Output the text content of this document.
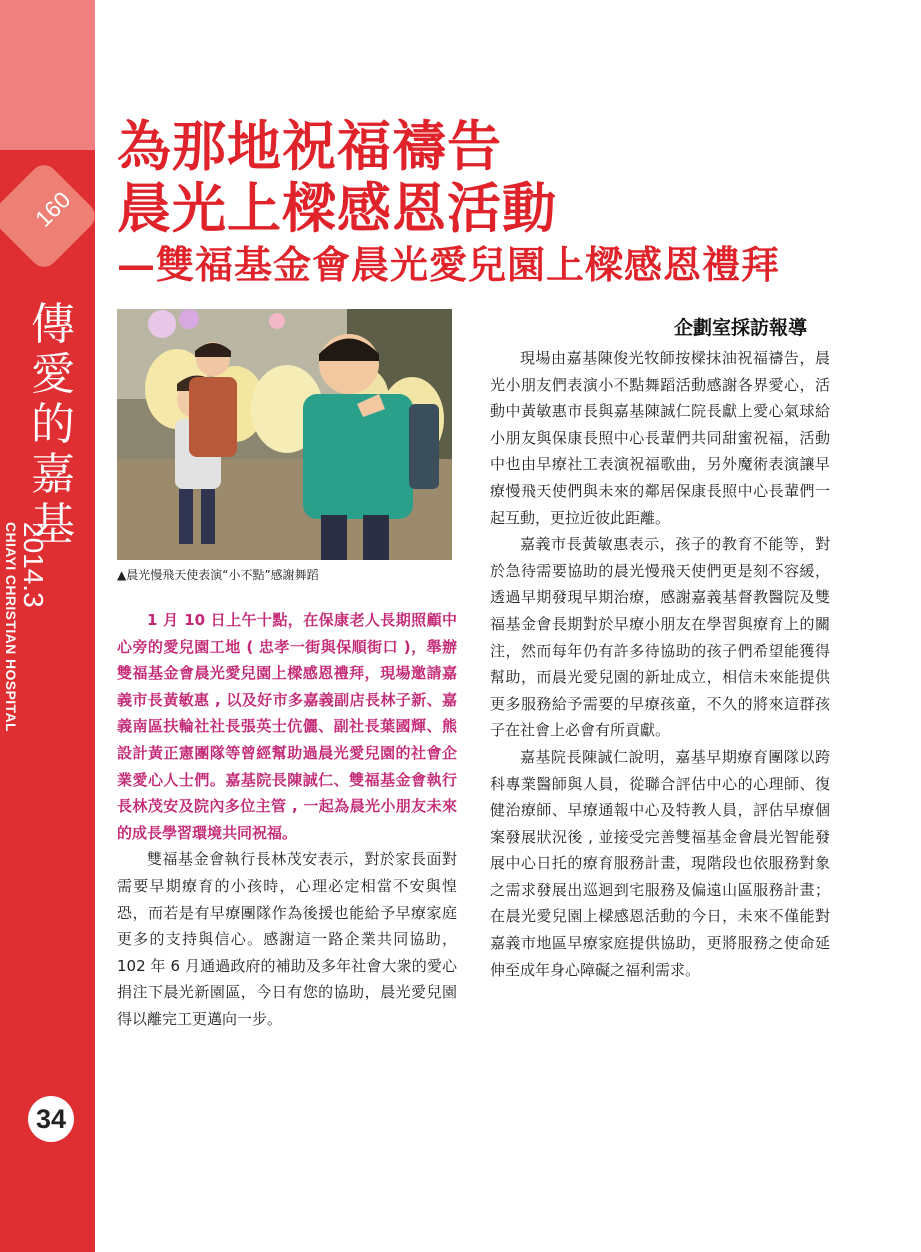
160
傳
愛
的
嘉
基
2014.3
CHIAYI CHRISTIAN HOSPITAL
34
為那地祝福禱告
晨光上樑感恩活動
—雙福基金會晨光愛兒園上樑感恩禮拜
▲晨光慢飛天使表演“小不點”感謝舞蹈
企劃室採訪報導

1 月 10 日上午十點，在保康老人長期照顧中心旁的愛兒園工地 ( 忠孝一街與保順街口 )，舉辦雙福基金會晨光愛兒園上樑感恩禮拜，現場邀請嘉義市長黃敏惠 , 以及好市多嘉義副店長林子新、嘉義南區扶輪社社長張英士伉儷、副社長葉國輝、熊設計黃正憲團隊等曾經幫助過晨光愛兒園的社會企業愛心人士們。嘉基院長陳誠仁、雙福基金會執行長林茂安及院內多位主管 , 一起為晨光小朋友未來的成長學習環境共同祝福。

雙福基金會執行長林茂安表示，對於家長面對需要早期療育的小孩時，心理必定相當不安與惶恐，而若是有早療團隊作為後援也能給予早療家庭更多的支持與信心。感謝這一路企業共同協助，102 年 6 月通過政府的補助及多年社會大衆的愛心捐注下晨光新園區，今日有您的協助，晨光愛兒園得以離完工更邁向一步。

現場由嘉基陳俊光牧師按樑抹油祝福禱告，晨光小朋友們表演小不點舞蹈活動感謝各界愛心，活動中黃敏惠市長與嘉基陳誠仁院長獻上愛心氣球給小朋友與保康長照中心長輩們共同甜蜜祝福，活動中也由早療社工表演祝福歌曲，另外魔術表演讓早療慢飛天使們與未來的鄰居保康長照中心長輩們一起互動，更拉近彼此距離。

嘉義市長黃敏惠表示，孩子的教育不能等，對於急待需要協助的晨光慢飛天使們更是刻不容緩，透過早期發現早期治療，感謝嘉義基督教醫院及雙福基金會長期對於早療小朋友在學習與療育上的關注，然而每年仍有許多待協助的孩子們希望能獲得幫助，而晨光愛兒園的新址成立，相信未來能提供更多服務給予需要的早療孩童，不久的將來這群孩子在社會上必會有所貢獻。

嘉基院長陳誠仁說明，嘉基早期療育團隊以跨科專業醫師與人員，從聯合評估中心的心理師、復健治療師、早療通報中心及特教人員，評估早療個案發展狀況後 , 並接受完善雙福基金會晨光智能發展中心日托的療育服務計畫，現階段也依服務對象之需求發展出巡迴到宅服務及偏遠山區服務計畫；在晨光愛兒園上樑感恩活動的今日，未來不僅能對嘉義市地區早療家庭提供協助，更將服務之使命延伸至成年身心障礙之福利需求。
